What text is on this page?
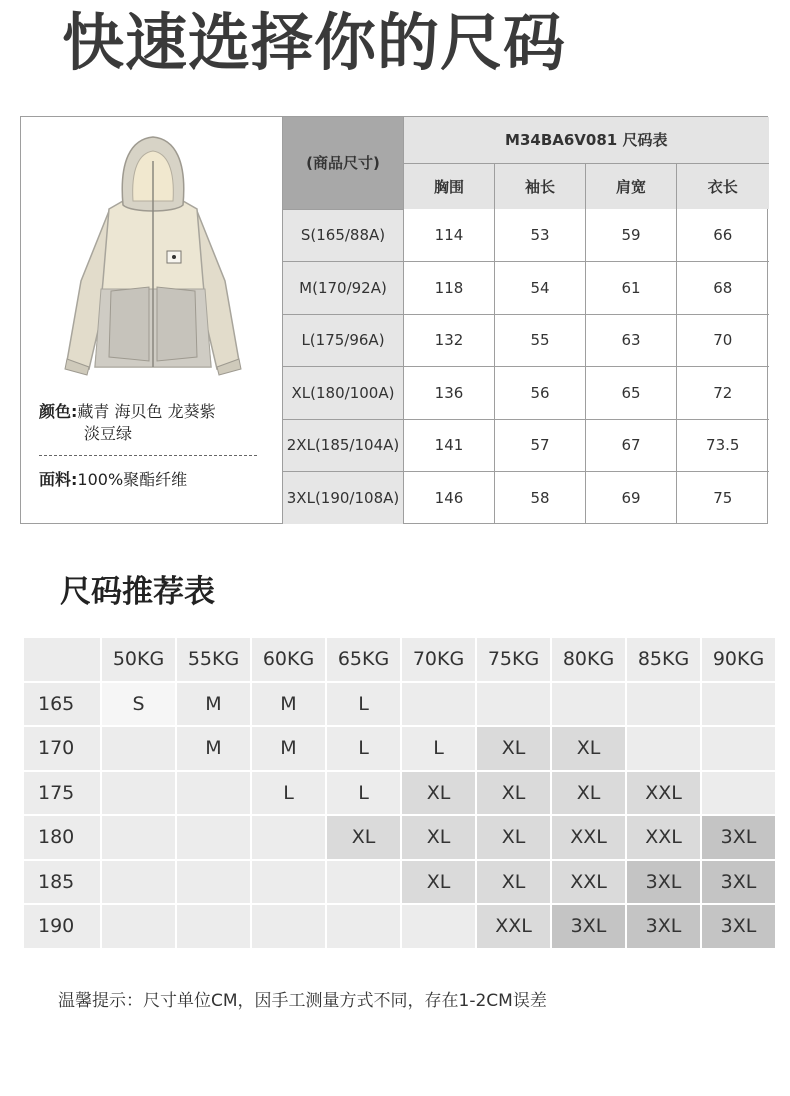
快速选择你的尺码
颜色:藏青 海贝色 龙葵紫
淡豆绿
面料:100%聚酯纤维
(商品尺寸)	M34BA6V081 尺码表			
	胸围	袖长	肩宽	衣长
S(165/88A)	114	53	59	66
M(170/92A)	118	54	61	68
L(175/96A)	132	55	63	70
XL(180/100A)	136	56	65	72
2XL(185/104A)	141	57	67	73.5
3XL(190/108A)	146	58	69	75
尺码推荐表
	50KG	55KG	60KG	65KG	70KG	75KG	80KG	85KG	90KG
165	S	M	M	L					
170		M	M	L	L	XL	XL		
175			L	L	XL	XL	XL	XXL	
180				XL	XL	XL	XXL	XXL	3XL
185					XL	XL	XXL	3XL	3XL
190						XXL	3XL	3XL	3XL
温馨提示：尺寸单位CM，因手工测量方式不同，存在1-2CM误差
